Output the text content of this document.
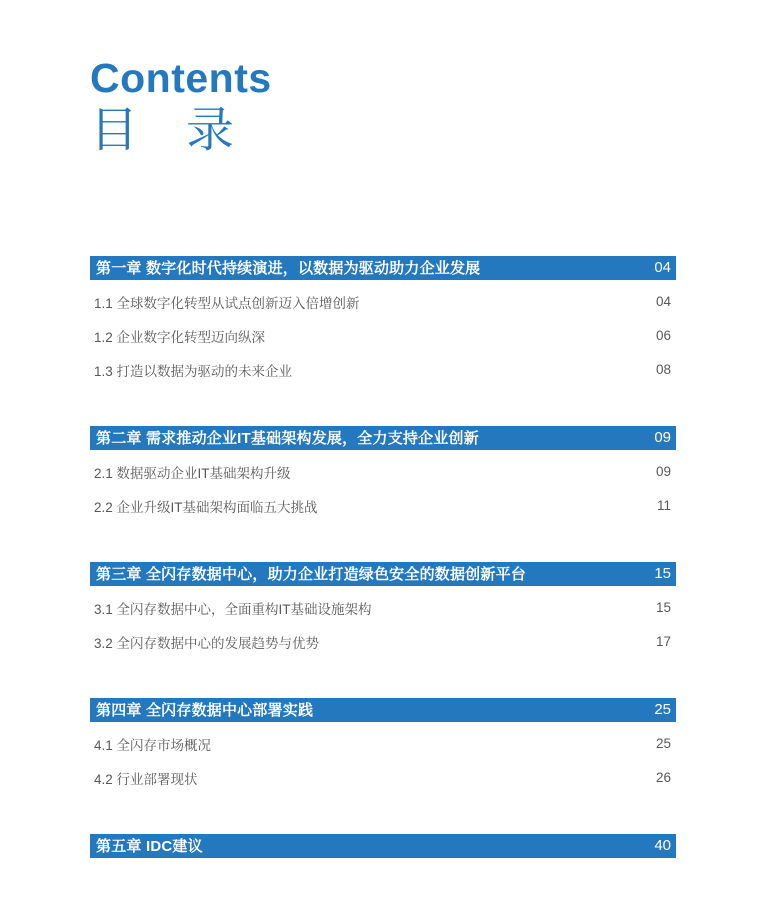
Contents
目　录
第一章 数字化时代持续演进，以数据为驱动助力企业发展	04
1.1 全球数字化转型从试点创新迈入倍增创新	04
1.2 企业数字化转型迈向纵深	06
1.3 打造以数据为驱动的未来企业	08
第二章 需求推动企业IT基础架构发展，全力支持企业创新	09
2.1 数据驱动企业IT基础架构升级	09
2.2 企业升级IT基础架构面临五大挑战	11
第三章 全闪存数据中心，助力企业打造绿色安全的数据创新平台	15
3.1 全闪存数据中心，全面重构IT基础设施架构	15
3.2 全闪存数据中心的发展趋势与优势	17
第四章 全闪存数据中心部署实践	25
4.1 全闪存市场概况	25
4.2 行业部署现状	26
第五章 IDC建议	40
